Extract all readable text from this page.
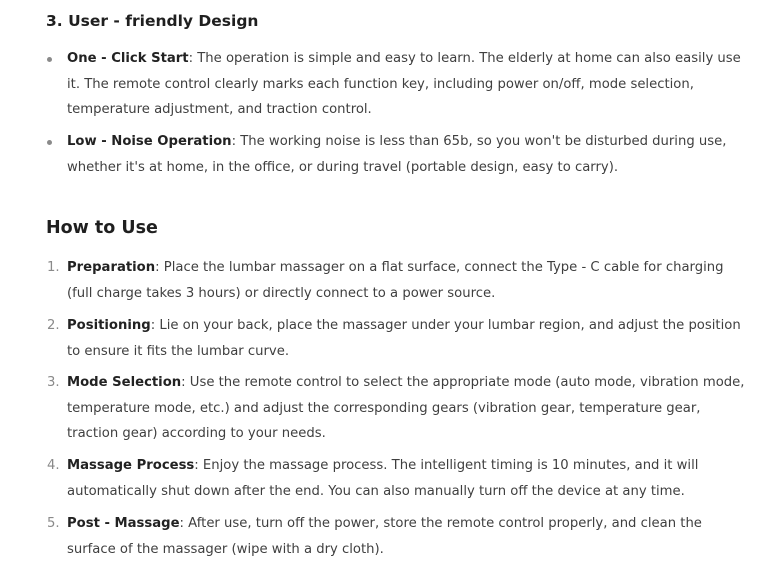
3. User - friendly Design
One - Click Start: The operation is simple and easy to learn. The elderly at home can also easily use it. The remote control clearly marks each function key, including power on/off, mode selection, temperature adjustment, and traction control.
Low - Noise Operation: The working noise is less than 65b, so you won't be disturbed during use, whether it's at home, in the office, or during travel (portable design, easy to carry).
How to Use
1. Preparation: Place the lumbar massager on a flat surface, connect the Type - C cable for charging (full charge takes 3 hours) or directly connect to a power source.
2. Positioning: Lie on your back, place the massager under your lumbar region, and adjust the position to ensure it fits the lumbar curve.
3. Mode Selection: Use the remote control to select the appropriate mode (auto mode, vibration mode, temperature mode, etc.) and adjust the corresponding gears (vibration gear, temperature gear, traction gear) according to your needs.
4. Massage Process: Enjoy the massage process. The intelligent timing is 10 minutes, and it will automatically shut down after the end. You can also manually turn off the device at any time.
5. Post - Massage: After use, turn off the power, store the remote control properly, and clean the surface of the massager (wipe with a dry cloth).
